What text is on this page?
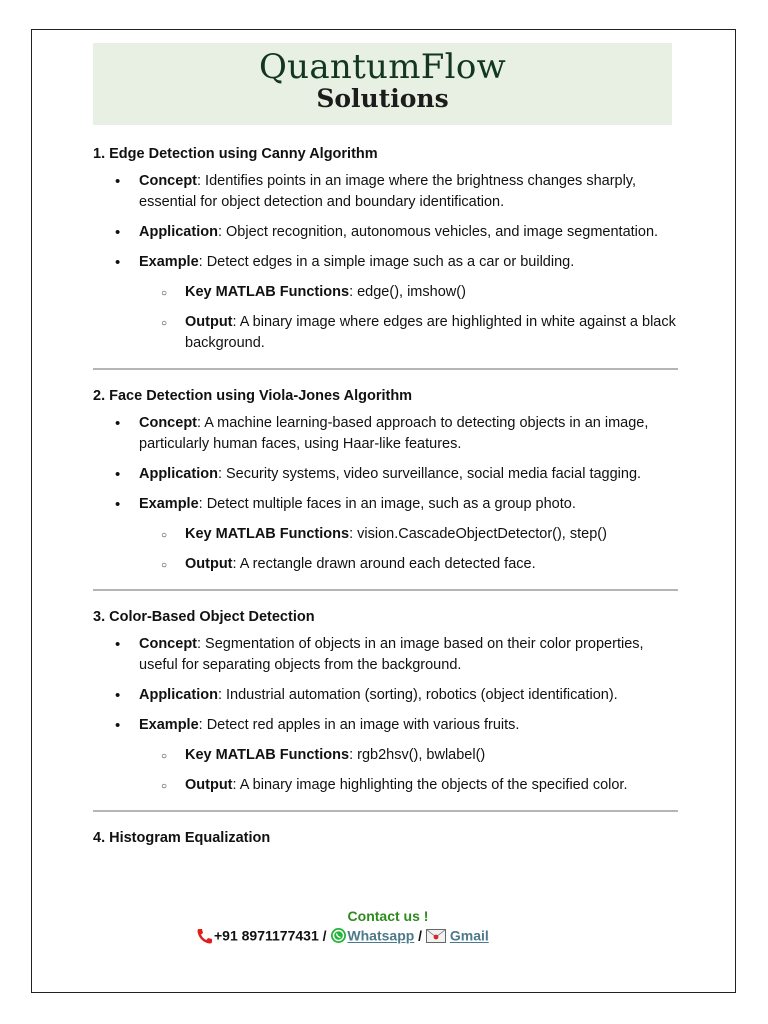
QuantumFlow
Solutions
1. Edge Detection using Canny Algorithm
• Concept: Identifies points in an image where the brightness changes sharply, essential for object detection and boundary identification.
• Application: Object recognition, autonomous vehicles, and image segmentation.
• Example: Detect edges in a simple image such as a car or building.
○ Key MATLAB Functions: edge(), imshow()
○ Output: A binary image where edges are highlighted in white against a black background.
2. Face Detection using Viola-Jones Algorithm
• Concept: A machine learning-based approach to detecting objects in an image, particularly human faces, using Haar-like features.
• Application: Security systems, video surveillance, social media facial tagging.
• Example: Detect multiple faces in an image, such as a group photo.
○ Key MATLAB Functions: vision.CascadeObjectDetector(), step()
○ Output: A rectangle drawn around each detected face.
3. Color-Based Object Detection
• Concept: Segmentation of objects in an image based on their color properties, useful for separating objects from the background.
• Application: Industrial automation (sorting), robotics (object identification).
• Example: Detect red apples in an image with various fruits.
○ Key MATLAB Functions: rgb2hsv(), bwlabel()
○ Output: A binary image highlighting the objects of the specified color.
4. Histogram Equalization
Contact us !
+91 8971177431 / Whatsapp /  Gmail
